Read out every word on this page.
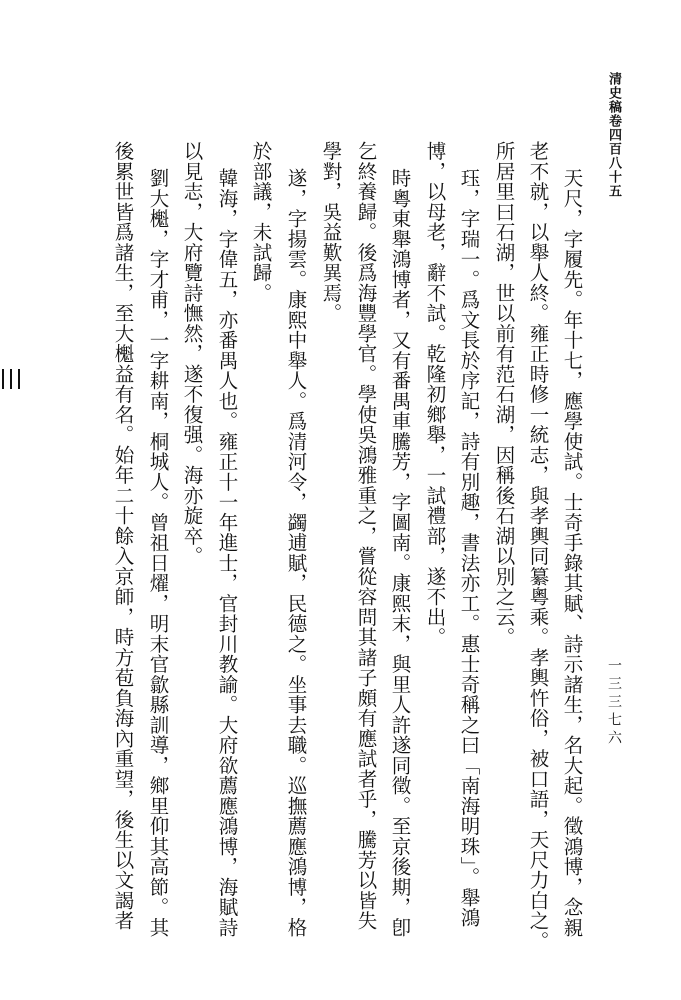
清史稿卷四百八十五
一三三七六
天尺，字履先。年十七，應學使試。士奇手錄其賦、詩示諸生，名大起。徵鴻博，念親
老不就，以舉人終。雍正時修一統志，與孝輿同纂粵乘。孝輿忤俗，被口語，天尺力白之。
所居里曰石湖，世以前有范石湖，因稱後石湖以別之云。
珏，字瑞一。爲文長於序記，詩有別趣，書法亦工。惠士奇稱之曰「南海明珠」。舉鴻
博，以母老，辭不試。乾隆初鄉舉，一試禮部，遂不出。
時粵東舉鴻博者，又有番禺車騰芳，字圖南。康熙末，與里人許遂同徵。至京後期，卽
乞終養歸。後爲海豐學官。學使吳鴻雅重之，嘗從容問其諸子頗有應試者乎，騰芳以皆失
學對，吳益歎異焉。
遂，字揚雲。康熙中舉人。爲清河令，蠲逋賦，民德之。坐事去職。巡撫薦應鴻博，格
於部議，未試歸。
韓海，字偉五，亦番禺人也。雍正十一年進士，官封川教諭。大府欲薦應鴻博，海賦詩
以見志，大府覽詩憮然，遂不復强。海亦旋卒。
劉大櫆，字才甫，一字耕南，桐城人。曾祖日燿，明末官歙縣訓導，鄉里仰其高節。其
後累世皆爲諸生，至大櫆益有名。始年二十餘入京師，時方苞負海內重望，後生以文謁者
